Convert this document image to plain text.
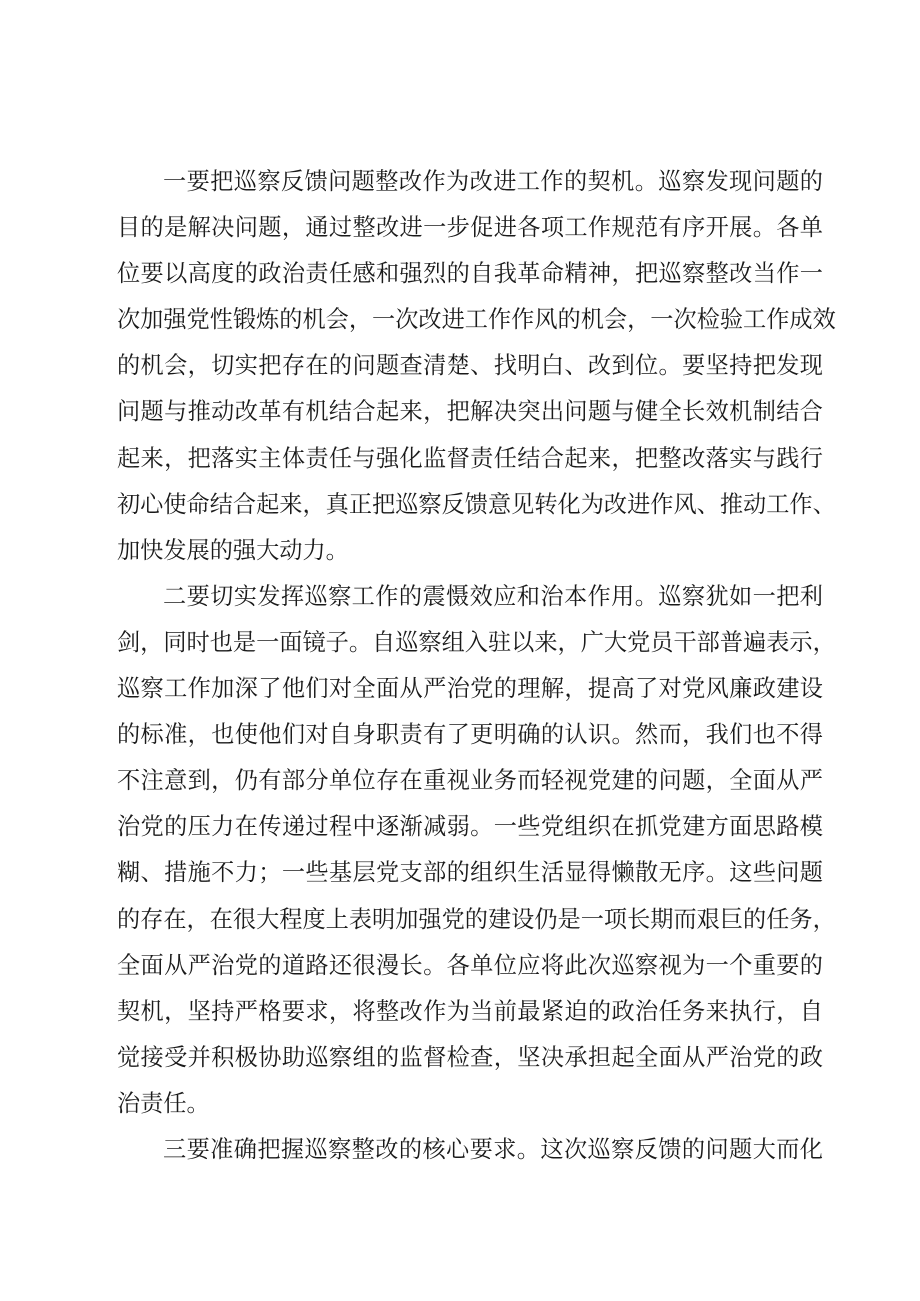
一要把巡察反馈问题整改作为改进工作的契机。巡察发现问题的
目的是解决问题，通过整改进一步促进各项工作规范有序开展。各单
位要以高度的政治责任感和强烈的自我革命精神，把巡察整改当作一
次加强党性锻炼的机会，一次改进工作作风的机会，一次检验工作成效
的机会，切实把存在的问题查清楚、找明白、改到位。要坚持把发现
问题与推动改革有机结合起来，把解决突出问题与健全长效机制结合
起来，把落实主体责任与强化监督责任结合起来，把整改落实与践行
初心使命结合起来，真正把巡察反馈意见转化为改进作风、推动工作、
加快发展的强大动力。
二要切实发挥巡察工作的震慑效应和治本作用。巡察犹如一把利
剑，同时也是一面镜子。自巡察组入驻以来，广大党员干部普遍表示，
巡察工作加深了他们对全面从严治党的理解，提高了对党风廉政建设
的标准，也使他们对自身职责有了更明确的认识。然而，我们也不得
不注意到，仍有部分单位存在重视业务而轻视党建的问题，全面从严
治党的压力在传递过程中逐渐减弱。一些党组织在抓党建方面思路模
糊、措施不力；一些基层党支部的组织生活显得懒散无序。这些问题
的存在，在很大程度上表明加强党的建设仍是一项长期而艰巨的任务，
全面从严治党的道路还很漫长。各单位应将此次巡察视为一个重要的
契机，坚持严格要求，将整改作为当前最紧迫的政治任务来执行，自
觉接受并积极协助巡察组的监督检查，坚决承担起全面从严治党的政
治责任。
三要准确把握巡察整改的核心要求。这次巡察反馈的问题大而化
